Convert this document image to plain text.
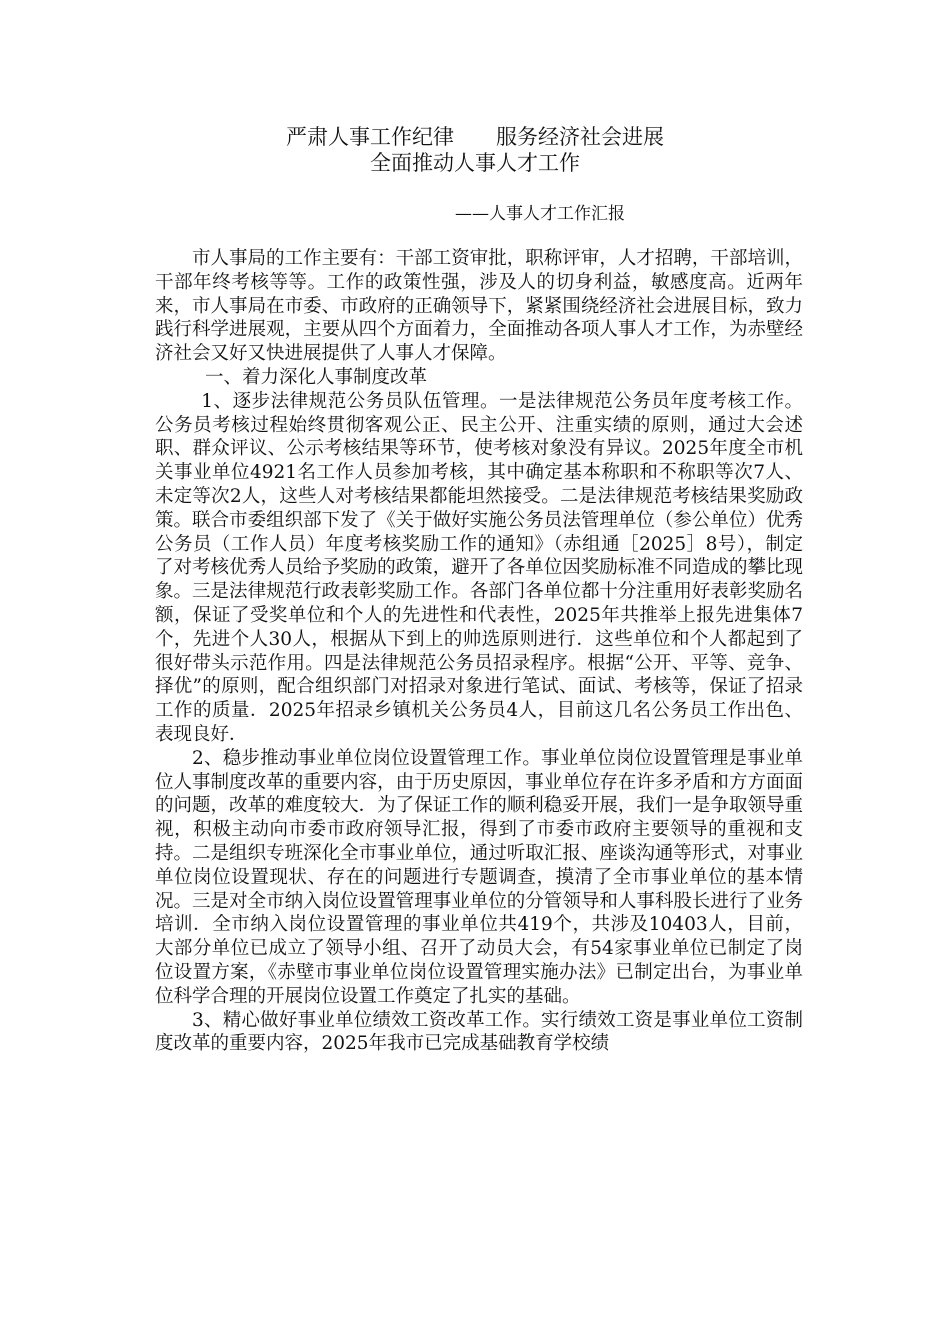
严肃人事工作纪律　　服务经济社会进展
全面推动人事人才工作
——人事人才工作汇报

市人事局的工作主要有：干部工资审批，职称评审，人才招聘，干部培训，干部年终考核等等。工作的政策性强，涉及人的切身利益，敏感度高。近两年来，市人事局在市委、市政府的正确领导下，紧紧围绕经济社会进展目标，致力践行科学进展观，主要从四个方面着力，全面推动各项人事人才工作，为赤壁经济社会又好又快进展提供了人事人才保障。

一、着力深化人事制度改革

1、逐步法律规范公务员队伍管理。一是法律规范公务员年度考核工作。公务员考核过程始终贯彻客观公正、民主公开、注重实绩的原则，通过大会述职、群众评议、公示考核结果等环节，使考核对象没有异议。2025年度全市机关事业单位4921名工作人员参加考核，其中确定基本称职和不称职等次7人、未定等次2人，这些人对考核结果都能坦然接受。二是法律规范考核结果奖励政策。联合市委组织部下发了《关于做好实施公务员法管理单位（参公单位）优秀公务员（工作人员）年度考核奖励工作的通知》（赤组通［2025］8号），制定了对考核优秀人员给予奖励的政策，避开了各单位因奖励标准不同造成的攀比现象。三是法律规范行政表彰奖励工作。各部门各单位都十分注重用好表彰奖励名额，保证了受奖单位和个人的先进性和代表性，2025年共推举上报先进集体7个，先进个人30人，根据从下到上的帅选原则进行．这些单位和个人都起到了很好带头示范作用。四是法律规范公务员招录程序。根据“公开、平等、竞争、择优”的原则，配合组织部门对招录对象进行笔试、面试、考核等，保证了招录工作的质量．2025年招录乡镇机关公务员4人，目前这几名公务员工作出色、表现良好．

2、稳步推动事业单位岗位设置管理工作。事业单位岗位设置管理是事业单位人事制度改革的重要内容，由于历史原因，事业单位存在许多矛盾和方方面面的问题，改革的难度较大．为了保证工作的顺利稳妥开展，我们一是争取领导重视，积极主动向市委市政府领导汇报，得到了市委市政府主要领导的重视和支持。二是组织专班深化全市事业单位，通过听取汇报、座谈沟通等形式，对事业单位岗位设置现状、存在的问题进行专题调查，摸清了全市事业单位的基本情况。三是对全市纳入岗位设置管理事业单位的分管领导和人事科股长进行了业务培训．全市纳入岗位设置管理的事业单位共419个，共涉及10403人，目前，大部分单位已成立了领导小组、召开了动员大会，有54家事业单位已制定了岗位设置方案，《赤壁市事业单位岗位设置管理实施办法》已制定出台，为事业单位科学合理的开展岗位设置工作奠定了扎实的基础。

3、精心做好事业单位绩效工资改革工作。实行绩效工资是事业单位工资制度改革的重要内容，2025年我市已完成基础教育学校绩
